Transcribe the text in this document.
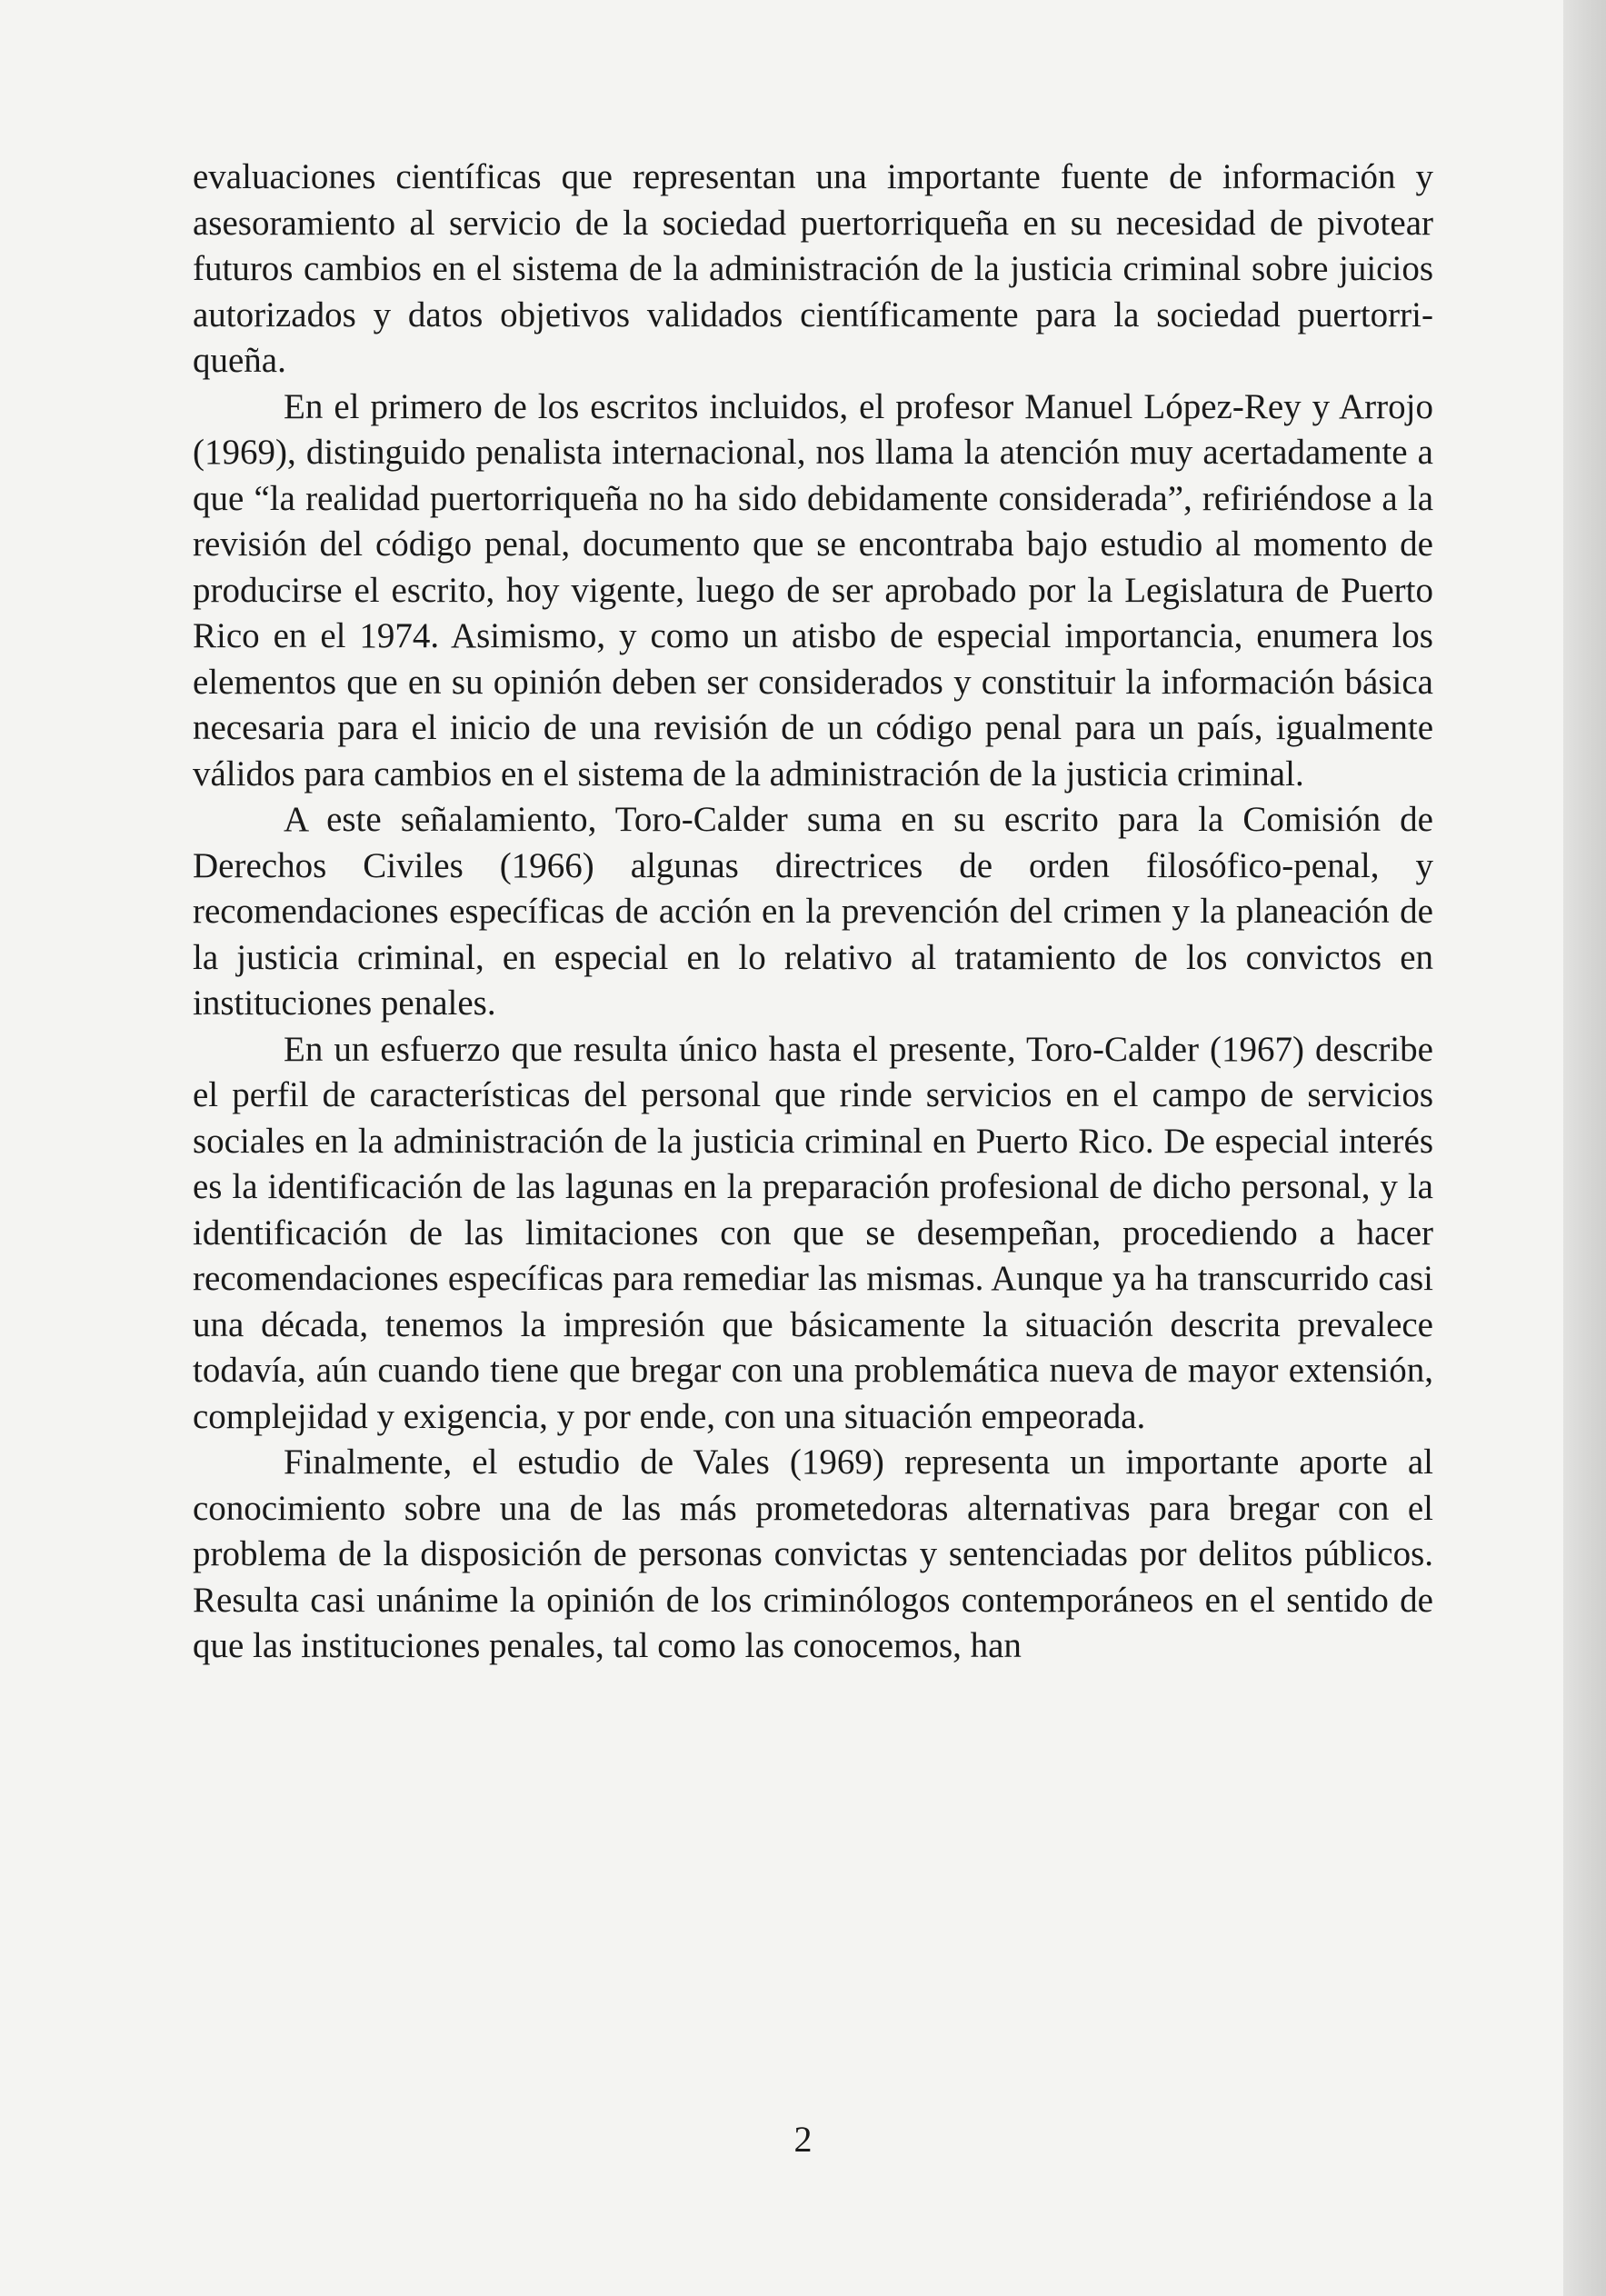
evaluaciones científicas que representan una importante fuente de información y asesoramiento al servicio de la sociedad puertorriqueña en su necesidad de pivotear futuros cambios en el sistema de la administración de la justicia criminal sobre juicios autorizados y datos objetivos validados científicamente para la sociedad puertorriqueña.

En el primero de los escritos incluidos, el profesor Manuel López-Rey y Arrojo (1969), distinguido penalista internacional, nos llama la atención muy acertadamente a que “la realidad puertorriqueña no ha sido debidamente considerada”, refiriéndose a la revisión del código penal, documento que se encontraba bajo estudio al momento de producirse el escrito, hoy vigente, luego de ser aprobado por la Legislatura de Puerto Rico en el 1974. Asimismo, y como un atisbo de especial importancia, enumera los elementos que en su opinión deben ser considerados y constituir la información básica necesaria para el inicio de una revisión de un código penal para un país, igualmente válidos para cambios en el sistema de la administración de la justicia criminal.

A este señalamiento, Toro-Calder suma en su escrito para la Comisión de Derechos Civiles (1966) algunas directrices de orden filosófico-penal, y recomendaciones específicas de acción en la prevención del crimen y la planeación de la justicia criminal, en especial en lo relativo al tratamiento de los convictos en instituciones penales.

En un esfuerzo que resulta único hasta el presente, Toro-Calder (1967) describe el perfil de características del personal que rinde servicios en el campo de servicios sociales en la administración de la justicia criminal en Puerto Rico. De especial interés es la identificación de las lagunas en la preparación profesional de dicho personal, y la identificación de las limitaciones con que se desempeñan, procediendo a hacer recomendaciones específicas para remediar las mismas. Aunque ya ha transcurrido casi una década, tenemos la impresión que básicamente la situación descrita prevalece todavía, aún cuando tiene que bregar con una problemática nueva de mayor extensión, complejidad y exigencia, y por ende, con una situación empeorada.

Finalmente, el estudio de Vales (1969) representa un importante aporte al conocimiento sobre una de las más prometedoras alternativas para bregar con el problema de la disposición de personas convictas y sentenciadas por delitos públicos. Resulta casi unánime la opinión de los criminólogos contemporáneos en el sentido de que las instituciones penales, tal como las conocemos, han

2
